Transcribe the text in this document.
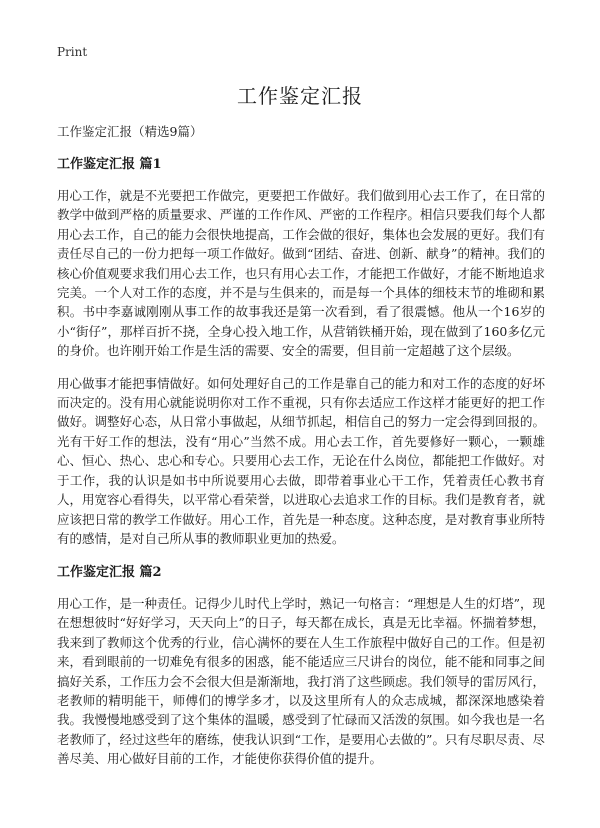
Print
工作鉴定汇报
工作鉴定汇报（精选9篇）
工作鉴定汇报 篇1

用心工作，就是不光要把工作做完，更要把工作做好。我们做到用心去工作了，在日常的教学中做到严格的质量要求、严谨的工作作风、严密的工作程序。相信只要我们每个人都用心去工作，自己的能力会很快地提高，工作会做的很好，集体也会发展的更好。我们有责任尽自己的一份力把每一项工作做好。做到“团结、奋进、创新、献身”的精神。我们的核心价值观要求我们用心去工作，也只有用心去工作，才能把工作做好，才能不断地追求完美。一个人对工作的态度，并不是与生俱来的，而是每一个具体的细枝末节的堆砌和累积。书中李嘉诚刚刚从事工作的故事我还是第一次看到，看了很震憾。他从一个16岁的小“街仔”，那样百折不挠，全身心投入地工作，从营销铁桶开始，现在做到了160多亿元的身价。也许刚开始工作是生活的需要、安全的需要，但目前一定超越了这个层级。

用心做事才能把事情做好。如何处理好自己的工作是靠自己的能力和对工作的态度的好坏而决定的。没有用心就能说明你对工作不重视，只有你去适应工作这样才能更好的把工作做好。调整好心态，从日常小事做起，从细节抓起，相信自己的努力一定会得到回报的。光有干好工作的想法，没有“用心”当然不成。用心去工作，首先要修好一颗心，一颗雄心、恒心、热心、忠心和专心。只要用心去工作，无论在什么岗位，都能把工作做好。对于工作，我的认识是如书中所说要用心去做，即带着事业心干工作，凭着责任心教书育人，用宽容心看得失，以平常心看荣誉，以进取心去追求工作的目标。我们是教育者，就应该把日常的教学工作做好。用心工作，首先是一种态度。这种态度，是对教育事业所特有的感情，是对自己所从事的教师职业更加的热爱。

工作鉴定汇报 篇2

用心工作，是一种责任。记得少儿时代上学时，熟记一句格言：“理想是人生的灯塔”，现在想想彼时“好好学习，天天向上”的日子，每天都在成长，真是无比幸福。怀揣着梦想，我来到了教师这个优秀的行业，信心满怀的要在人生工作旅程中做好自己的工作。但是初来，看到眼前的一切难免有很多的困惑，能不能适应三尺讲台的岗位，能不能和同事之间搞好关系，工作压力会不会很大但是渐渐地，我打消了这些顾虑。我们领导的雷厉风行，老教师的精明能干，师傅们的博学多才，以及这里所有人的众志成城，都深深地感染着我。我慢慢地感受到了这个集体的温暖，感受到了忙碌而又活泼的氛围。如今我也是一名老教师了，经过这些年的磨练，使我认识到“工作，是要用心去做的”。只有尽职尽责、尽善尽美、用心做好目前的工作，才能使你获得价值的提升。
